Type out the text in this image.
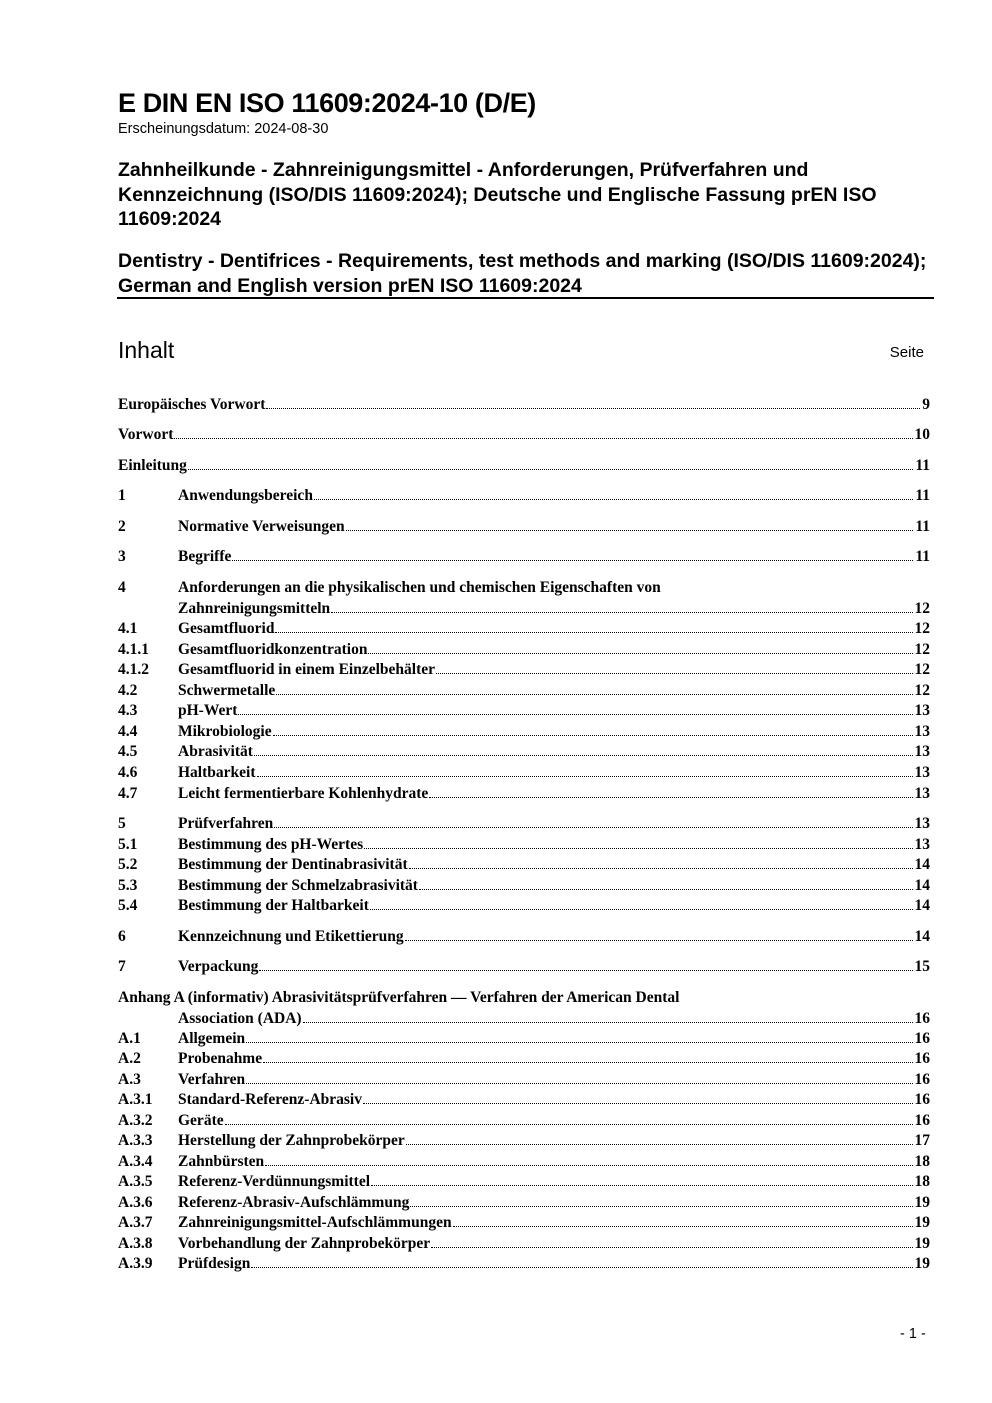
E DIN EN ISO 11609:2024-10 (D/E)
Erscheinungsdatum: 2024-08-30
Zahnheilkunde - Zahnreinigungsmittel - Anforderungen, Prüfverfahren und Kennzeichnung (ISO/DIS 11609:2024); Deutsche und Englische Fassung prEN ISO 11609:2024
Dentistry - Dentifrices - Requirements, test methods and marking (ISO/DIS 11609:2024); German and English version prEN ISO 11609:2024
Inhalt	Seite
Europäisches Vorwort	9
Vorwort	10
Einleitung	11
1	Anwendungsbereich	11
2	Normative Verweisungen	11
3	Begriffe	11
4	Anforderungen an die physikalischen und chemischen Eigenschaften von
Zahnreinigungsmitteln	12
4.1	Gesamtfluorid	12
4.1.1 Gesamtfluoridkonzentration	12
4.1.2 Gesamtfluorid in einem Einzelbehälter	12
4.2	Schwermetalle	12
4.3	pH-Wert	13
4.4	Mikrobiologie	13
4.5	Abrasivität	13
4.6	Haltbarkeit	13
4.7	Leicht fermentierbare Kohlenhydrate	13
5	Prüfverfahren	13
5.1	Bestimmung des pH-Wertes	13
5.2	Bestimmung der Dentinabrasivität	14
5.3	Bestimmung der Schmelzabrasivität	14
5.4	Bestimmung der Haltbarkeit	14
6	Kennzeichnung und Etikettierung	14
7	Verpackung	15
Anhang A (informativ) Abrasivitätsprüfverfahren — Verfahren der American Dental
Association (ADA)	16
A.1 Allgemein	16
A.2 Probenahme	16
A.3 Verfahren	16
A.3.1 Standard-Referenz-Abrasiv	16
A.3.2 Geräte	16
A.3.3 Herstellung der Zahnprobekörper	17
A.3.4 Zahnbürsten	18
A.3.5 Referenz-Verdünnungsmittel	18
A.3.6 Referenz-Abrasiv-Aufschlämmung	19
A.3.7 Zahnreinigungsmittel-Aufschlämmungen	19
A.3.8 Vorbehandlung der Zahnprobekörper	19
A.3.9 Prüfdesign	19
- 1 -
